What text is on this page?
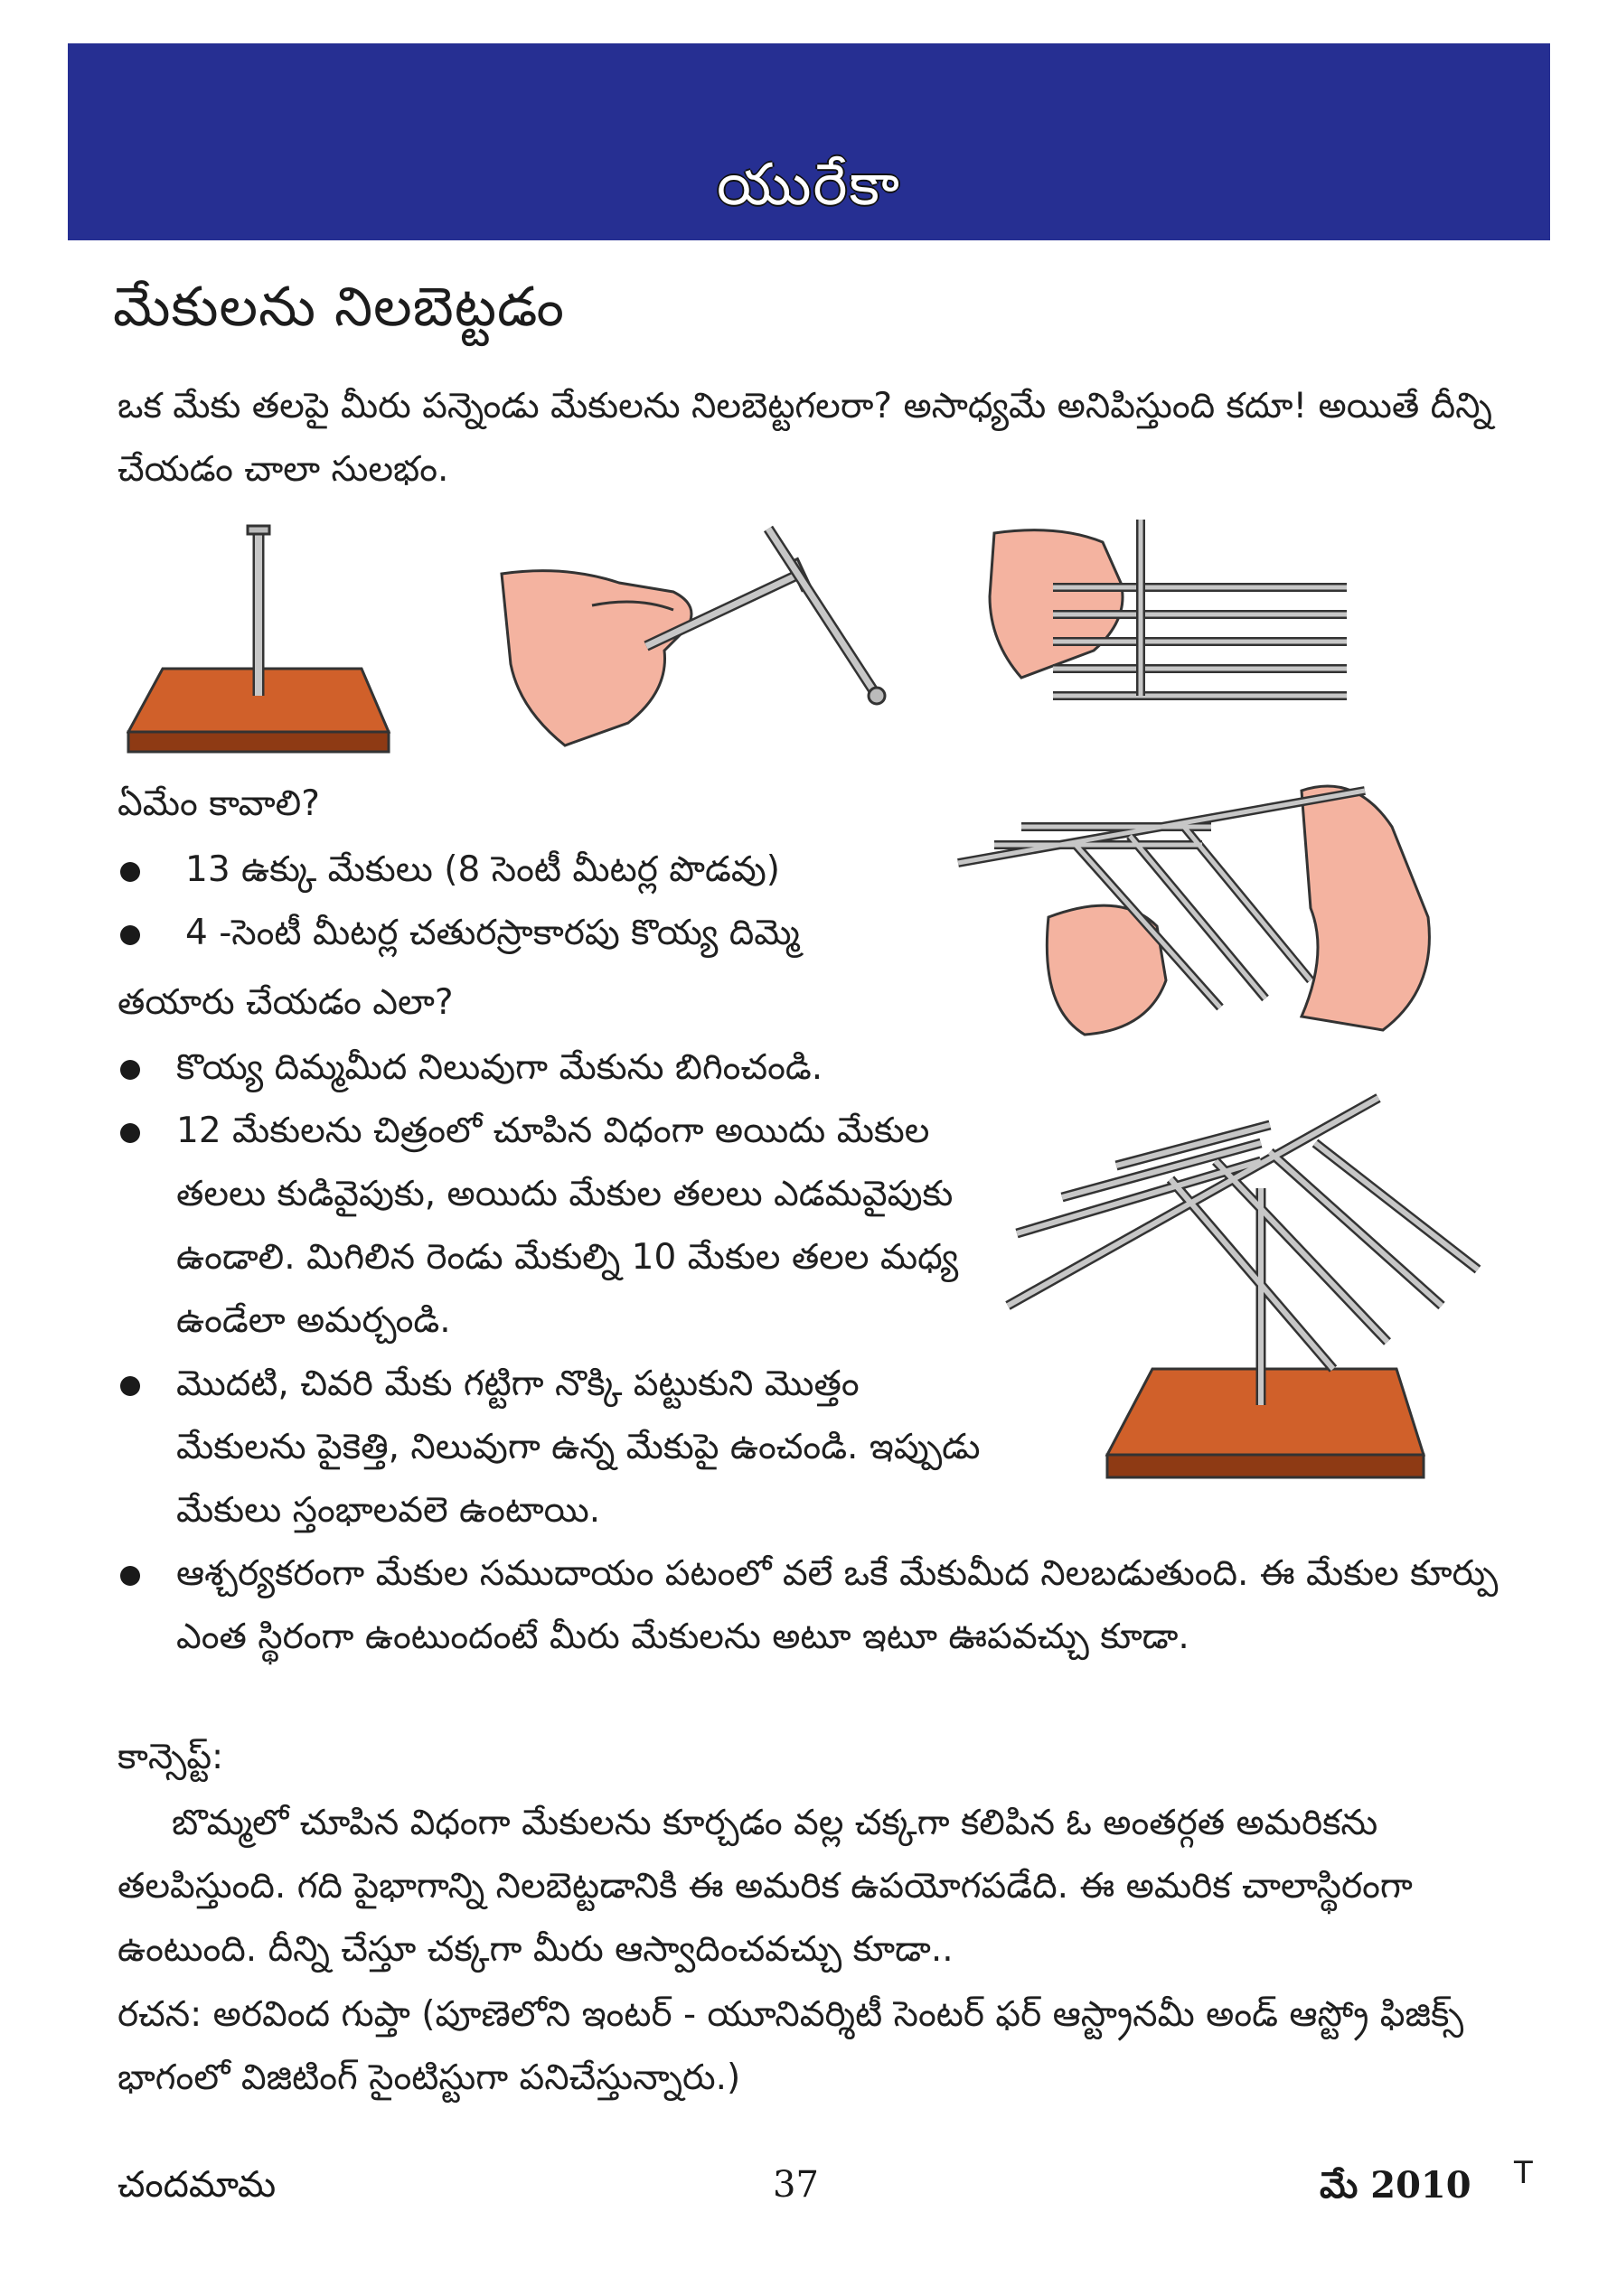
యురేకా
మేకులను నిలబెట్టడం
ఒక మేకు తలపై మీరు పన్నెండు మేకులను నిలబెట్టగలరా? అసాధ్యమే అనిపిస్తుంది కదూ! అయితే దీన్ని చేయడం చాలా సులభం.
ఏమేం కావాలి?
13 ఉక్కు మేకులు (8 సెంటీ మీటర్ల పొడవు)
4 -సెంటీ మీటర్ల చతురస్రాకారపు కొయ్య దిమ్మె
తయారు చేయడం ఎలా?
కొయ్య దిమ్మమీద నిలువుగా మేకును బిగించండి.
12 మేకులను చిత్రంలో చూపిన విధంగా అయిదు మేకుల తలలు కుడివైపుకు, అయిదు మేకుల తలలు ఎడమవైపుకు ఉండాలి. మిగిలిన రెండు మేకుల్ని 10 మేకుల తలల మధ్య ఉండేలా అమర్చండి.
మొదటి, చివరి మేకు గట్టిగా నొక్కి పట్టుకుని మొత్తం మేకులను పైకెత్తి, నిలువుగా ఉన్న మేకుపై ఉంచండి. ఇప్పుడు మేకులు స్తంభాలవలె ఉంటాయి.
ఆశ్చర్యకరంగా మేకుల సముదాయం పటంలో వలే ఒకే మేకుమీద నిలబడుతుంది. ఈ మేకుల కూర్పు ఎంత స్థిరంగా ఉంటుందంటే మీరు మేకులను అటూ ఇటూ ఊపవచ్చు కూడా.
కాన్సెప్ట్:
బొమ్మలో చూపిన విధంగా మేకులను కూర్చడం వల్ల చక్కగా కలిపిన ఓ అంతర్గత అమరికను తలపిస్తుంది. గది పైభాగాన్ని నిలబెట్టడానికి ఈ అమరిక ఉపయోగపడేది. ఈ అమరిక చాలాస్థిరంగా ఉంటుంది. దీన్ని చేస్తూ చక్కగా మీరు ఆస్వాదించవచ్చు కూడా..
రచన: అరవింద గుప్తా (పూణెలోని ఇంటర్ - యూనివర్శిటీ సెంటర్ ఫర్ ఆస్ట్రానమీ అండ్ ఆస్ట్రో ఫిజిక్స్ భాగంలో విజిటింగ్ సైంటిస్టుగా పనిచేస్తున్నారు.)
చందమామ	37	మే 2010 T
